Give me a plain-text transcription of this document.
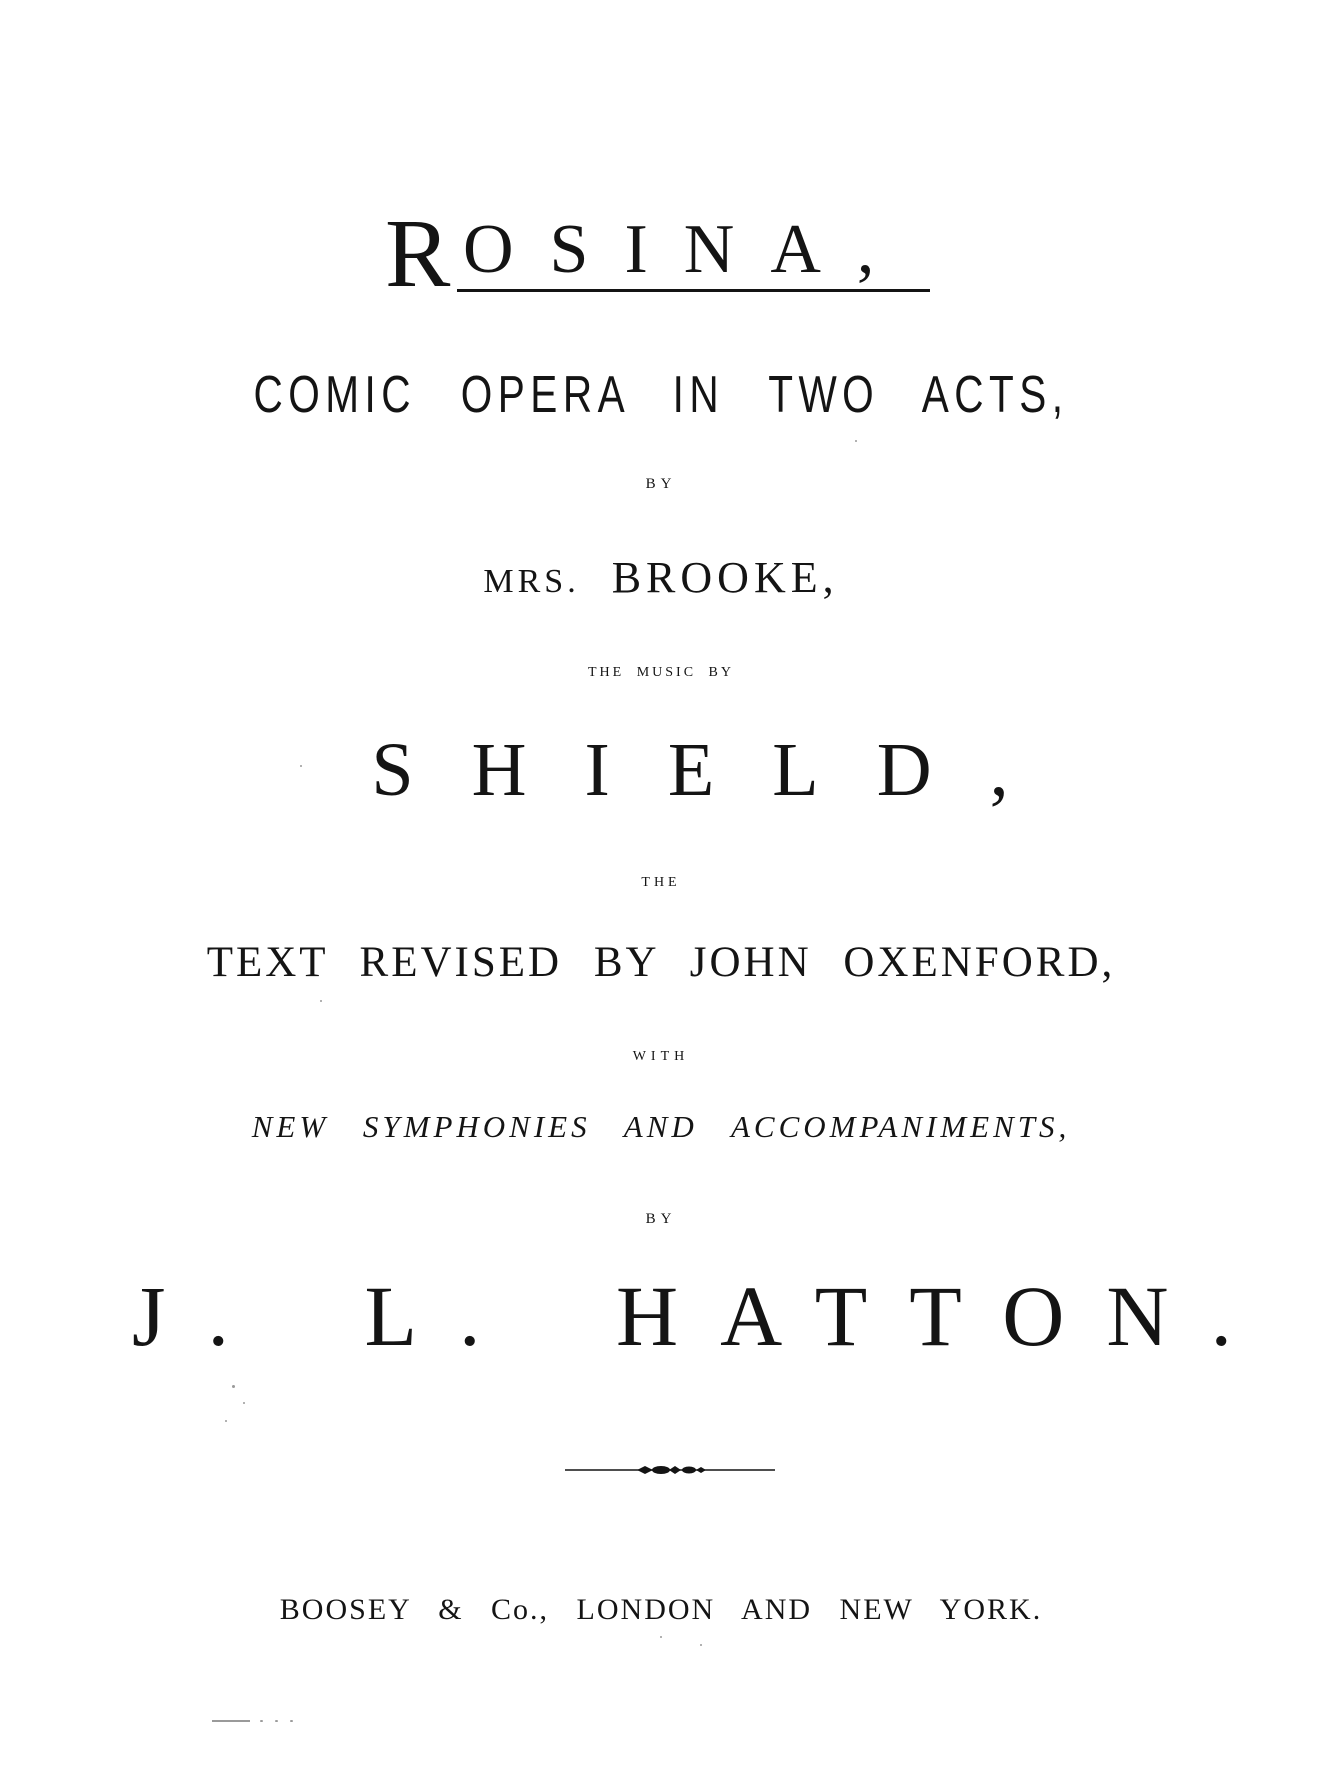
R OSINA,

COMIC OPERA IN TWO ACTS,

BY

MRS. BROOKE,

THE MUSIC BY

SHIELD,

THE

TEXT REVISED BY JOHN OXENFORD,

WITH

NEW SYMPHONIES AND ACCOMPANIMENTS,

BY

J. L. HATTON.

BOOSEY & Co., LONDON AND NEW YORK.
